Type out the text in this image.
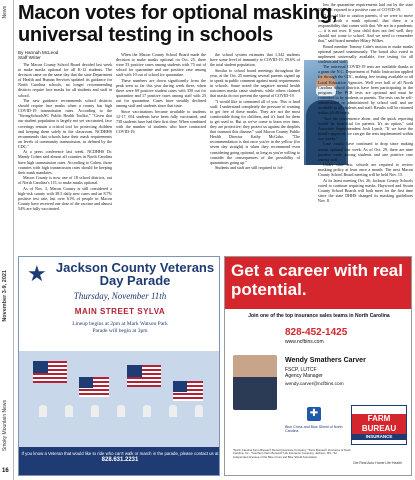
News
November 3-9, 2021
Smoky Mountain News
Macon votes for optional masking, universal testing in schools
By Hannah McLeod
Staff Writer

The Macon County School Board decided last week to make masks optional for all K-12 students. The decision came on the same day that the state Department of Health and Human Services updated its guidance for North Carolina schools, no longer recommending districts require face masks for all students and staff in school.

The new guidance recommends school districts should require face masks when a county has high COVID-19 transmission rates. According to the "StrongSchoolsNC Public Health Toolkit," "Given that our student population is largely not yet vaccinated, face coverings remain a critical tool for protecting children and keeping them safely in the classroom. NCDHHS recommends that schools base their mask requirements on levels of community transmission, as defined by the CDC."

At a press conference last week, NCDHHS Dr. Mandy Cohen said almost all counties in North Carolina have high transmission rates. According to Cohen, those counties with high transmission rates should be keeping their mask mandates.

Macon County is now one of 18 school districts, out of North Carolina's 115, to make masks optional.

As of Nov. 3, Macon County is still considered a high-risk county with 38.5 daily new cases and an 8.7% positive test rate, but over 61% of people in Macon County have received one dose of the vaccine and almost 54% are fully vaccinated.

When the Macon County School Board made the decision to make masks optional on Oct. 25, there were 53 positive cases among students with 75 out of school for quarantine and one positive case among staff with 10 out of school for quarantine.

These numbers are down significantly from the peak seen so far this year during week three, when there were 69 positive student cases with 350 out for quarantine and 17 positive cases among staff with 25 out for quarantine. Cases have steadily declined among staff and students since that time.

Since vaccinations became available to students 12-17, 654 students have been fully vaccinated, and 738 students have had their first dose. When combined with the number of students who have contracted COVID-19,

the school system estimates that 1,342 students have some level of immunity to COVID-19, 29.6% of the total student population.

Similar to school board meetings throughout the year, at the Oct. 25 meeting several parents signed up to speak in public comment against mask requirements in schools. Some noted the negative mental health outcomes masks cause students, while others claimed that masks do not prevent the spread of COVID-19.

"I would like to commend all of you. This is hard stuff. I understand completely the pressure of wanting to get free of these masks. They are not the most comfortable thing for children, and it's hard for them to get used to. But as we've come to learn over time, they are protective; they protect us against the droplets that transmit this disease," said Macon County Public Health Director Kathy McGaha. "The recommendation is that once you're in the yellow (for seven day straight) is when they recommend even considering going optional, as long as you're willing to consider the consequences of the possibility of quarantines going up."

Students and staff are still required to fol-

low the quarantine requirements laid out by the state DHHS if exposed to a positive case of COVID-19.

"I would like to caution parents, if we were to move forward with a mask optional, that there is a responsibility that comes with that. We are in a pandemic — it is not over. If your child does not feel well, they should not come to school. And we need to remember that," said board member Hilary Wilkes.

Board member Tommy Cabe's motion to make masks optional passed unanimously. The board also voted to implement universally available, free testing for all students and staff.

The universal COVID-19 tests are available thanks to a grant the N.C. Department of Public Instruction applied for through the CDC, making free testing available to all Local Education Agencies. Well over half of all North Carolina school districts have been participating in the program. The PCR tests are optional and must be consented to by students or parents. The tests can be self-administered or administered by school staff and are available to all students and staff. Results will be returned within 24-48 hours.

"Just the convenience alone, and the quick reporting would be beneficial for parents. It's an option," said Associate Superintendent Josh Lynch. "If we have the board's approval, we can get the tests implemented within two weeks."

Case counts have continued to drop since making masks optional last week. As of Oct. 29, there are nine positive cases among students and one positive case among staff.

Under state law, schools are required to review masking policy at least once a month. The next Macon County School Board meeting will be held Nov. 15.

At its latest meeting Oct. 26, Jackson County Schools voted to continue requiring masks. Haywood and Swain County School Boards will both meet for the first time since the state DHHS changed its masking guidelines Nov. 8.

16
★ Jackson County Veterans Day Parade
Thursday, November 11th
MAIN STREET SYLVA
Lineup begins at 2pm at Mark Watson Park
Parade will begin at 3pm
If you know a Veteran that would like to ride who can't walk or march in the parade, please contact us at
828.631.2231
Get a career with real potential.
Join one of the top insurance sales teams in North Carolina
828-452-1425
www.ncfbins.com
Wendy Smathers Carver
FSCP, LUTCF
Agency Manager
wendy.carver@ncfbins.com
✚
Blue Cross and Blue Shield of North Carolina
FARM BUREAU
INSURANCE
*North Carolina Farm Bureau® Mutual Insurance Company, *Farm Bureau® Insurance of North Carolina, Inc., *Southern Farm Bureau® Life Insurance Company, Jackson, MS. *An independent licensee of the Blue Cross and Blue Shield Association.
Get Real Auto·Home·Life·Health
